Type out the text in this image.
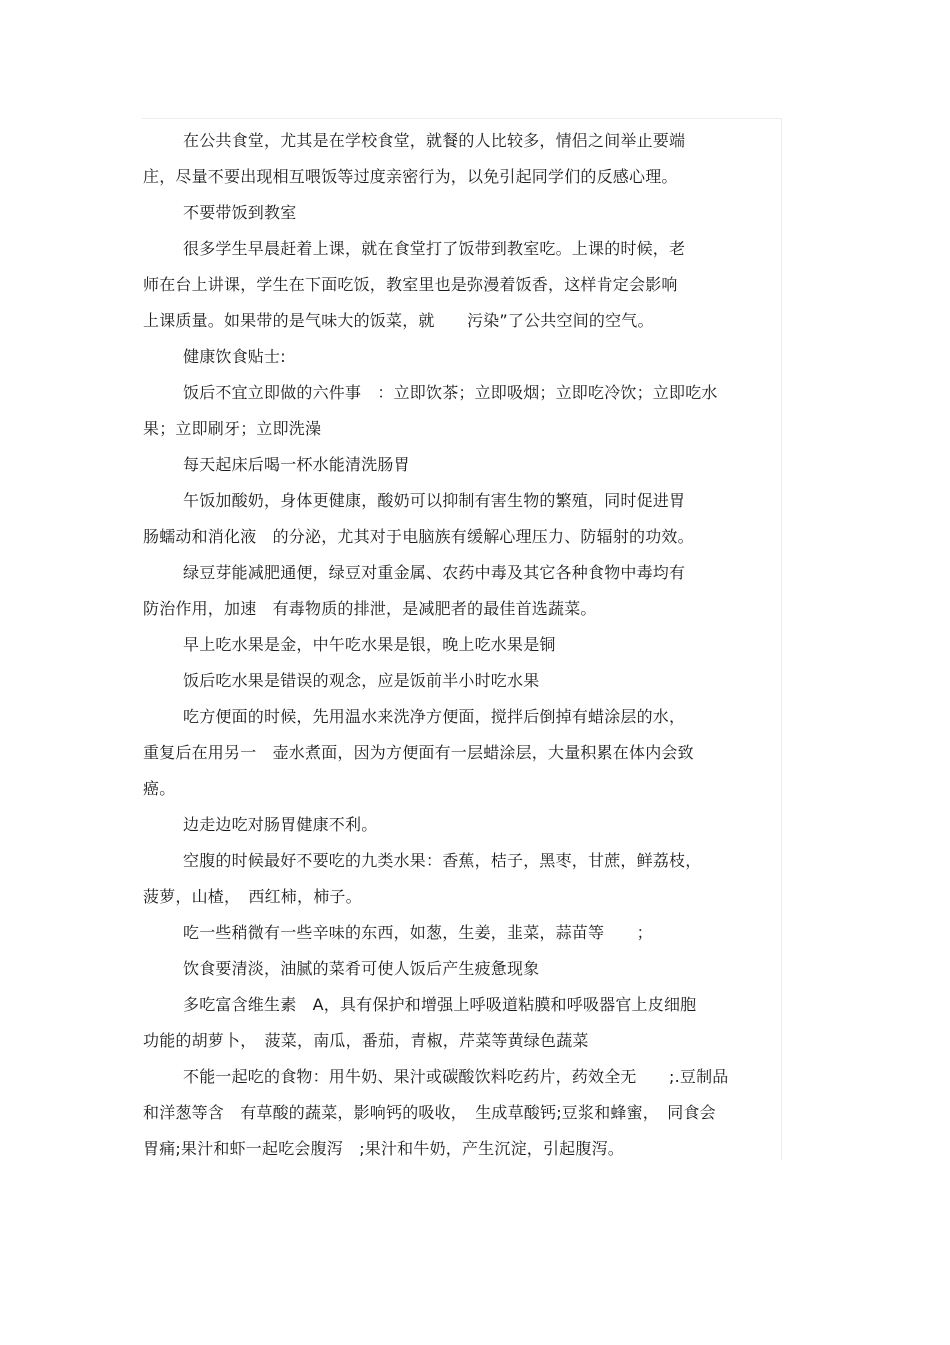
在公共食堂，尤其是在学校食堂，就餐的人比较多，情侣之间举止要端
庄，尽量不要出现相互喂饭等过度亲密行为，以免引起同学们的反感心理。
不要带饭到教室
很多学生早晨赶着上课，就在食堂打了饭带到教室吃。上课的时候，老
师在台上讲课，学生在下面吃饭，教室里也是弥漫着饭香，这样肯定会影响
上课质量。如果带的是气味大的饭菜，就　　污染”了公共空间的空气。
健康饮食贴士:
饭后不宜立即做的六件事　：立即饮茶；立即吸烟；立即吃冷饮；立即吃水
果；立即刷牙；立即洗澡
每天起床后喝一杯水能清洗肠胃
午饭加酸奶，身体更健康，酸奶可以抑制有害生物的繁殖，同时促进胃
肠蠕动和消化液　的分泌，尤其对于电脑族有缓解心理压力、防辐射的功效。
绿豆芽能减肥通便，绿豆对重金属、农药中毒及其它各种食物中毒均有
防治作用，加速　有毒物质的排泄，是减肥者的最佳首选蔬菜。
早上吃水果是金，中午吃水果是银，晚上吃水果是铜
饭后吃水果是错误的观念，应是饭前半小时吃水果
吃方便面的时候，先用温水来洗净方便面，搅拌后倒掉有蜡涂层的水，
重复后在用另一　壶水煮面，因为方便面有一层蜡涂层，大量积累在体内会致
癌。
边走边吃对肠胃健康不利。
空腹的时候最好不要吃的九类水果：香蕉，桔子，黑枣，甘蔗，鲜荔枝，
菠萝，山楂，　西红柿，柿子。
吃一些稍微有一些辛味的东西，如葱，生姜，韭菜，蒜苗等　　；
饮食要清淡，油腻的菜肴可使人饭后产生疲惫现象
多吃富含维生素　A，具有保护和增强上呼吸道粘膜和呼吸器官上皮细胞
功能的胡萝卜，　菠菜，南瓜，番茄，青椒，芹菜等黄绿色蔬菜
不能一起吃的食物：用牛奶、果汁或碳酸饮料吃药片，药效全无　　;.豆制品
和洋葱等含　有草酸的蔬菜，影响钙的吸收，　生成草酸钙;豆浆和蜂蜜，　同食会
胃痛;果汁和虾一起吃会腹泻　;果汁和牛奶，产生沉淀，引起腹泻。
